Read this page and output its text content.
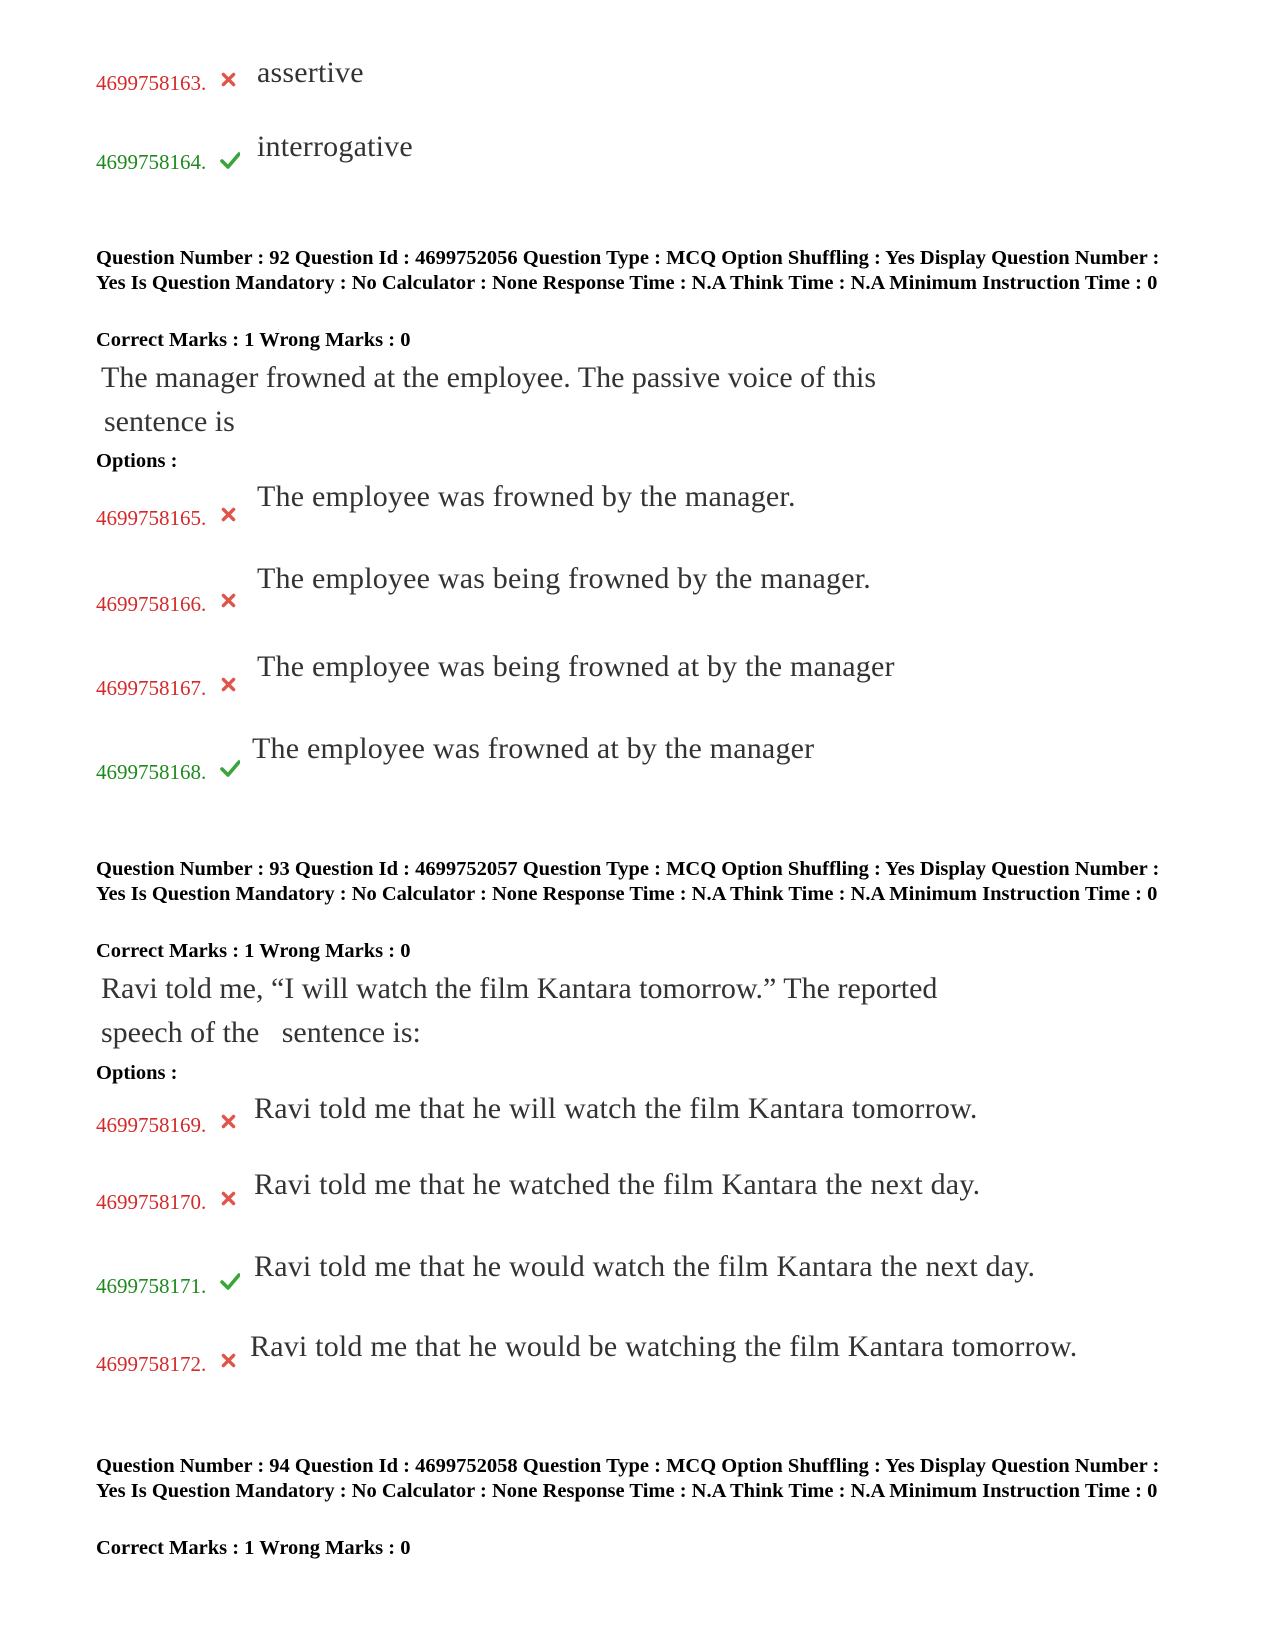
4699758163. assertive
4699758164. interrogative
Question Number : 92 Question Id : 4699752056 Question Type : MCQ Option Shuffling : Yes Display Question Number : Yes Is Question Mandatory : No Calculator : None Response Time : N.A Think Time : N.A Minimum Instruction Time : 0
Correct Marks : 1 Wrong Marks : 0
The manager frowned at the employee. The passive voice of this
sentence is
Options :
4699758165.
The employee was frowned by the manager.
4699758166.
The employee was being frowned by the manager.
4699758167.
The employee was being frowned at by the manager
4699758168.
The employee was frowned at by the manager
Question Number : 93 Question Id : 4699752057 Question Type : MCQ Option Shuffling : Yes Display Question Number : Yes Is Question Mandatory : No Calculator : None Response Time : N.A Think Time : N.A Minimum Instruction Time : 0
Correct Marks : 1 Wrong Marks : 0
Ravi told me, “I will watch the film Kantara tomorrow.” The reported
speech of the   sentence is:
Options :
4699758169. Ravi told me that he will watch the film Kantara tomorrow.
4699758170.
Ravi told me that he watched the film Kantara the next day.
4699758171.
Ravi told me that he would watch the film Kantara the next day.
4699758172.
Ravi told me that he would be watching the film Kantara tomorrow.
Question Number : 94 Question Id : 4699752058 Question Type : MCQ Option Shuffling : Yes Display Question Number : Yes Is Question Mandatory : No Calculator : None Response Time : N.A Think Time : N.A Minimum Instruction Time : 0
Correct Marks : 1 Wrong Marks : 0
